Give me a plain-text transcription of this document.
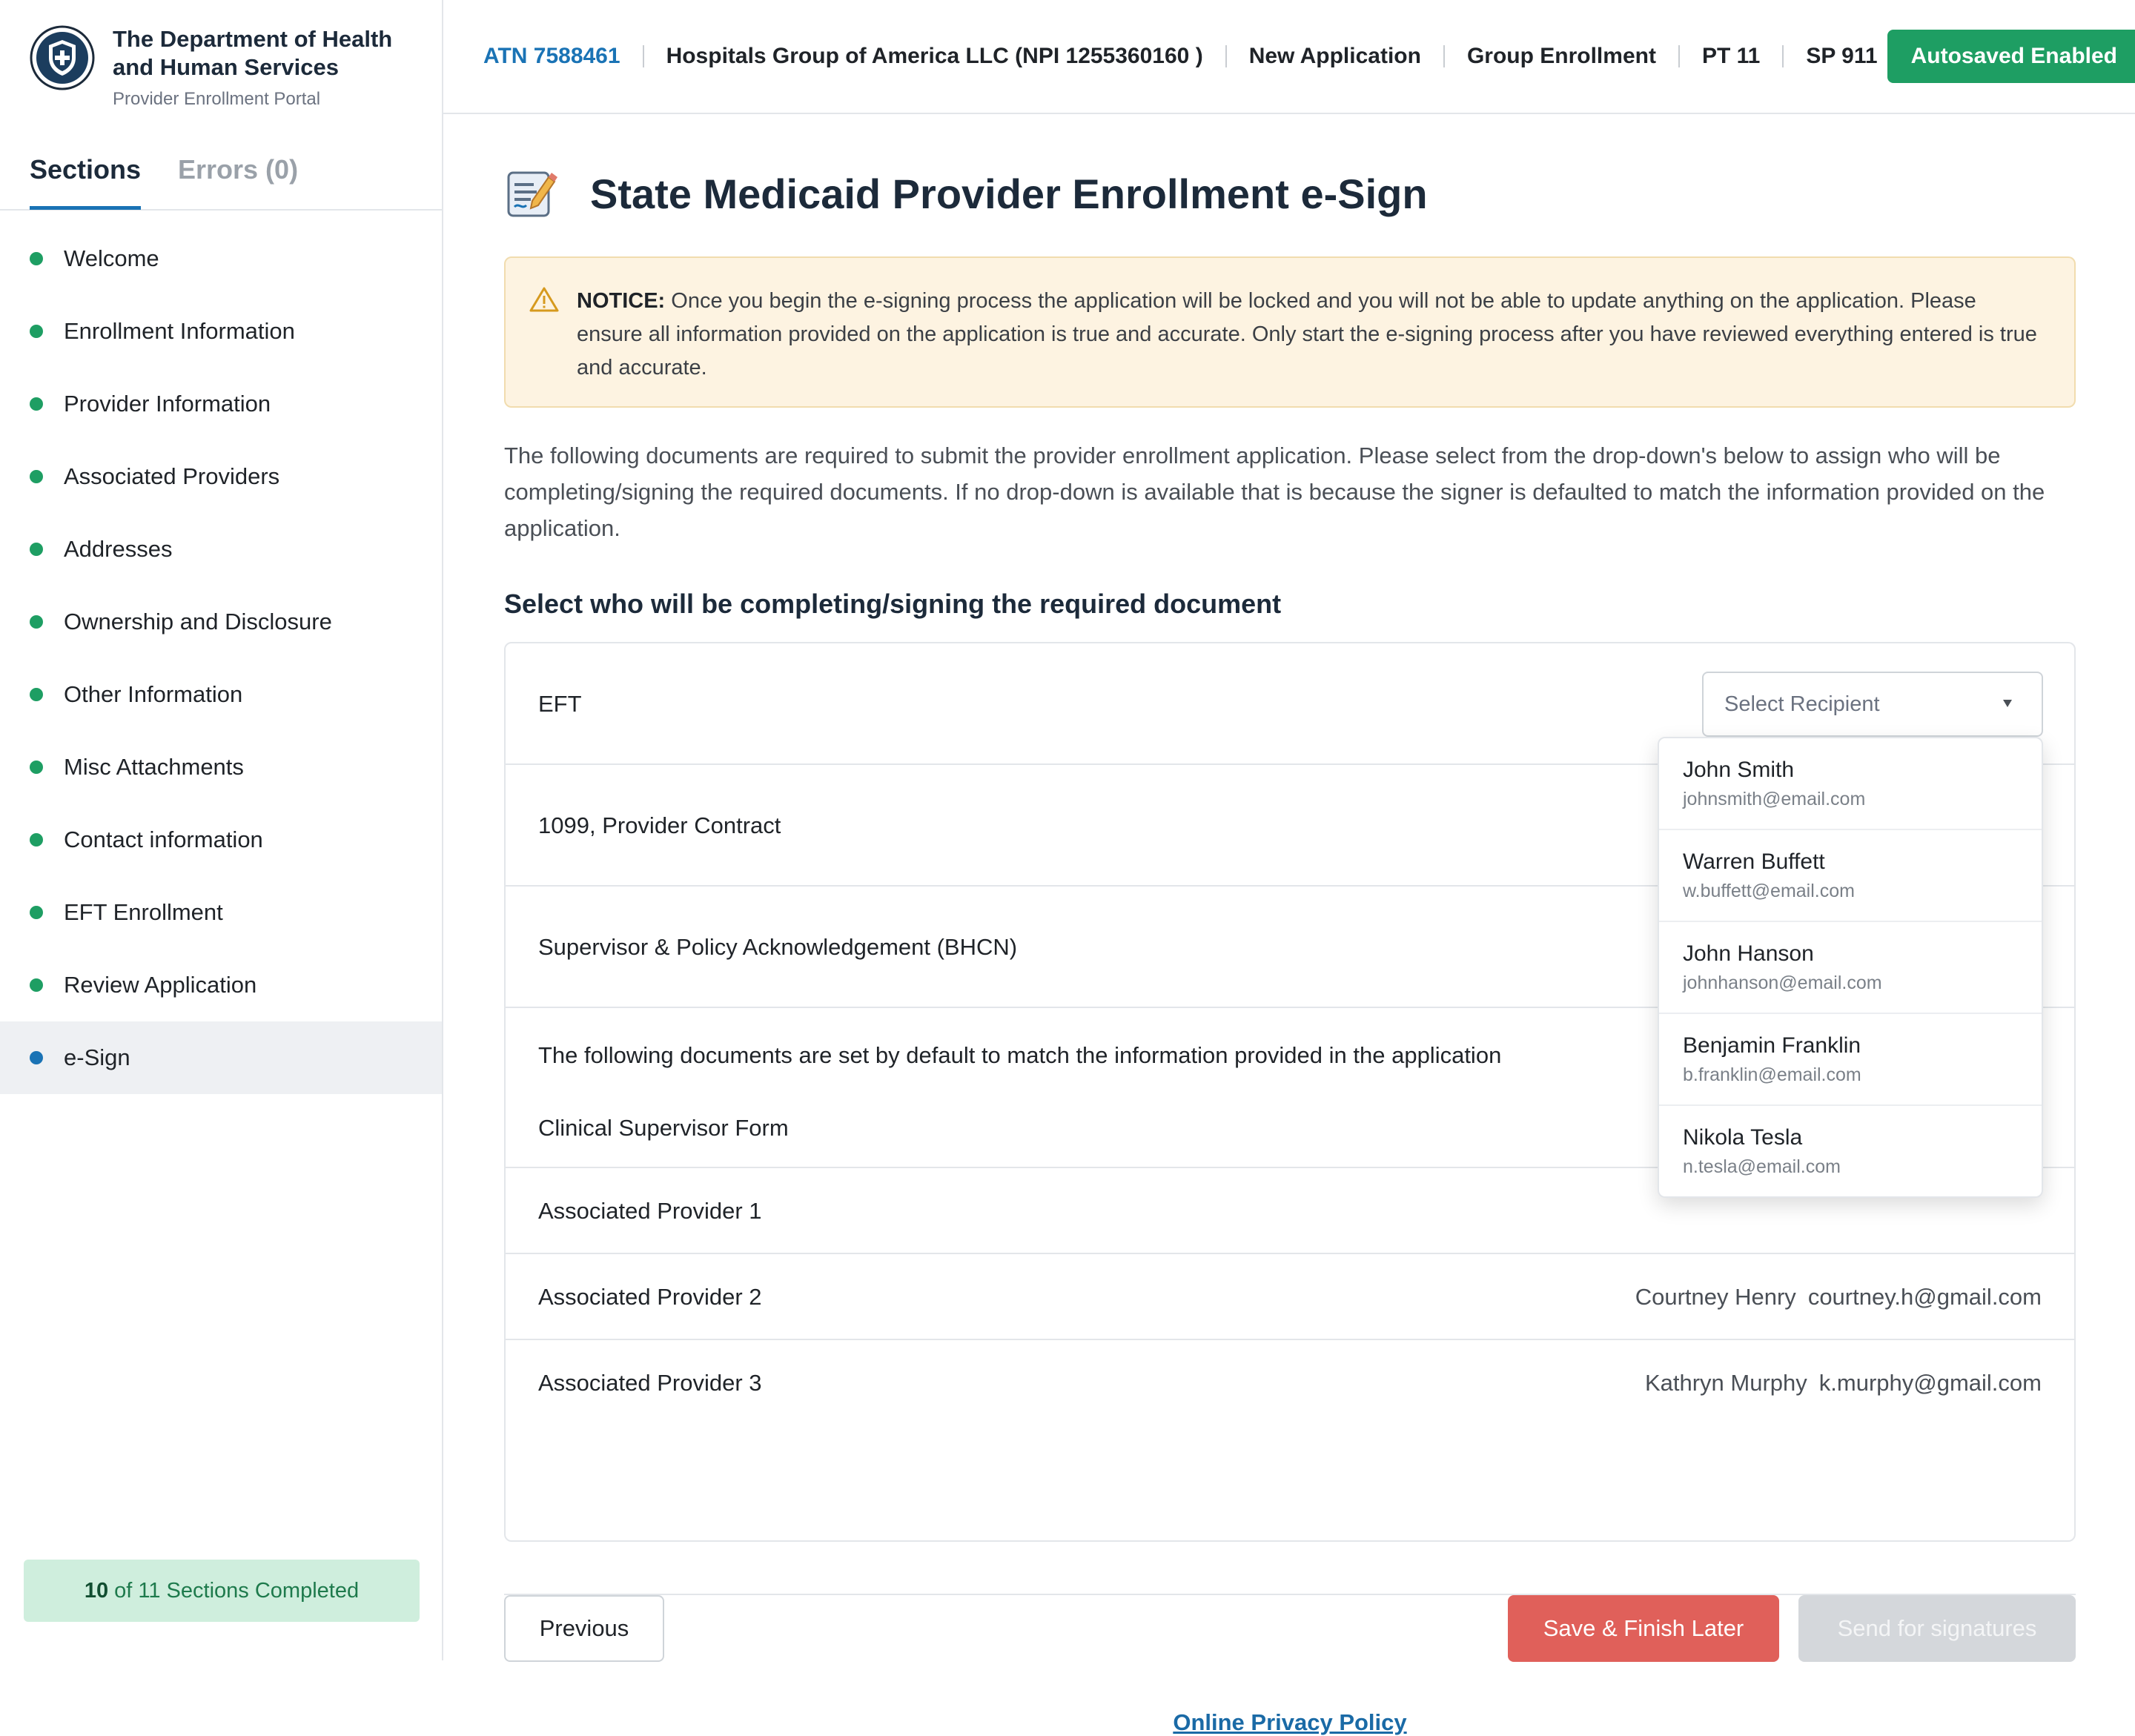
The Department of Health and Human Services
Provider Enrollment Portal
Sections Errors (0)
Welcome
Enrollment Information
Provider Information
Associated Providers
Addresses
Ownership and Disclosure
Other Information
Misc Attachments
Contact information
EFT Enrollment
Review Application
e-Sign
10 of 11 Sections Completed
ATN 7588461 Hospitals Group of America LLC (NPI 1255360160 ) New Application Group Enrollment PT 11 SP 911	Autosaved Enabled
State Medicaid Provider Enrollment e-Sign
NOTICE: Once you begin the e-signing process the application will be locked and you will not be able to update anything on the application. Please ensure all information provided on the application is true and accurate. Only start the e-signing process after you have reviewed everything entered is true and accurate.

The following documents are required to submit the provider enrollment application. Please select from the drop-down's below to assign who will be completing/signing the required documents. If no drop-down is available that is because the signer is defaulted to match the information provided on the application.

Select who will be completing/signing the required document
EFT	Select Recipient
1099, Provider Contract
Supervisor & Policy Acknowledgement (BHCN)
The following documents are set by default to match the information provided in the application
Clinical Supervisor Form
Associated Provider 1
Associated Provider 2	Courtney Henry courtney.h@gmail.com
Associated Provider 3	Kathryn Murphy k.murphy@gmail.com
John Smith
johnsmith@email.com
Warren Buffett
w.buffett@email.com
John Hanson
johnhanson@email.com
Benjamin Franklin
b.franklin@email.com
Nikola Tesla
n.tesla@email.com
Previous	Save & Finish Later	Send for signatures
Online Privacy Policy
